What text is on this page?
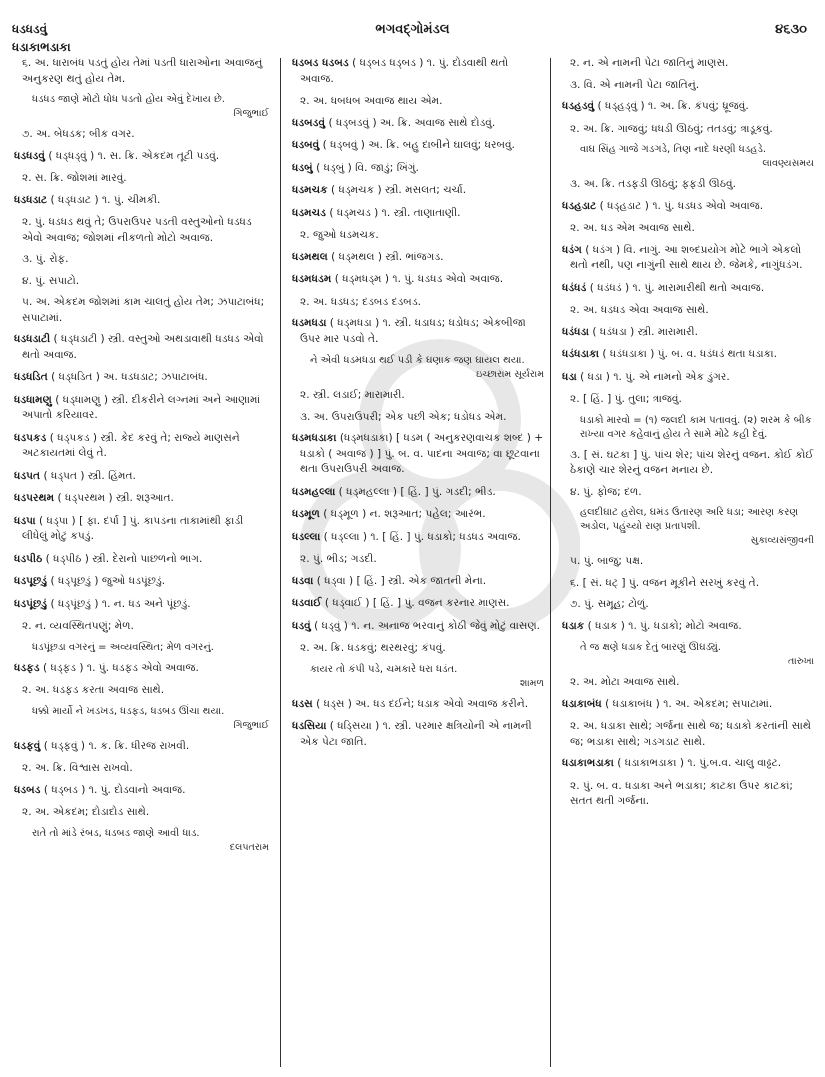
ધડધડવું
ધડાકાભડાકા
ભગવદ્ગોમંડલ	૪૬૩૦
૬. અ. ધારાબંધ પડતું હોય તેમાં પડતી ધારાઓના અવાજનું અનુકરણ થતું હોય તેમ.
ધડધડ જાણે મોટો ધોધ પડતો હોય એવું દેખાય છે.
ગિજુભાઈ
૭. અ. બેધડક; બીક વગર.
ધડધડવું ( ધડ્ધડ્વું ) ૧. સ. ક્રિ. એકદમ તૂટી પડવું.
૨. સ. ક્રિ. જોશમાં મારવું.
ધડધડાટ ( ધડ્ધડાટ ) ૧. પું. ચીમકી.
૨. પું. ધડધડ થવું તે; ઉપરાઉપર પડતી વસ્તુઓનો ધડધડ એવો અવાજ; જોશમાં નીકળતો મોટો અવાજ.
૩. પું. રોફ.
૪. પું. સપાટો.
૫. અ. એકદમ જોશમાં કામ ચાલતું હોય તેમ; ઝપાટાબંધ; સપાટામાં.
ધડધડાટી ( ધડ્ધડાટી ) સ્ત્રી. વસ્તુઓ અથડાવાથી ધડધડ એવો થતો અવાજ.
ધડધડિત ( ધડ્ધડિત ) અ. ધડધડાટ; ઝપાટાબંધ.
ધડધામણુ ( ધડ્ધામણુ ) સ્ત્રી. દીકરીને લગ્નમાં અને આણામાં અપાતો કરિયાવર.
ધડપકડ ( ધડ્પકડ ) સ્ત્રી. કેદ કરવું તે; રાજ્યે માણસને અટકાયતમાં લેવું તે.
ધડપત ( ધડ્પત ) સ્ત્રી. હિંમત.
ધડપરથમ ( ધડ્પરથમ ) સ્ત્રી. શરૂઆત.
ધડપા ( ધડ્પા ) [ ફા. દર્પા ] પું. કાપડના તાકામાંથી ફાડી લીધેલું મોટું કપડું.
ધડપીઠ ( ધડ્પીઠ ) સ્ત્રી. દેરાનો પાછળનો ભાગ.
ધડપૂછડું ( ધડ્પૂછડું ) જુઓ ધડપૂંછડું.
ધડપૂંછડું ( ધડ્પૂંછડું ) ૧. ન. ધડ અને પૂંછડું.
૨. ન. વ્યવસ્થિતપણું; મેળ.
ધડપૂંછડા વગરનું = અવ્યવસ્થિત; મેળ વગરનું.
ધડફડ ( ધડ્ફડ ) ૧. પું. ધડફડ એવો અવાજ.
૨. અ. ધડફડ કરતા અવાજ સાથે.
ધક્કો માર્યો ને ખડખડ, ધડફડ, ધડબડ ઊંચા થયા.
ગિજુભાઈ
ધડફવું ( ધડ્ફવું ) ૧. ક. ક્રિ. ધીરજ રાખવી.
૨. અ. ક્રિ. વિશ્વાસ રાખવો.
ધડબડ ( ધડ્બડ ) ૧. પું. દોડવાનો અવાજ.
૨. અ. એકદમ; દોડાદોડ સાથે.
રાતે તો માંડે રંબડ, ધડબડ જાણે આવી ધાડ.
દલપતરામ
ધડબડ ધડબડ ( ધડ્બડ ધડ્બડ ) ૧. પું. દોડવાથી થતો અવાજ.
૨. અ. ધબધબ અવાજ થાય એમ.
ધડબડવું ( ધડ્બડવું ) અ. ક્રિ. અવાજ સાથે દોડવું.
ધડબવું ( ધડ્બવું ) અ. ક્રિ. બહુ દાબીને ઘાલવું; ધરબવું.
ધડબું ( ધડ્બું ) વિ. જાડું; ખિંગું.
ધડમચક ( ધડ્મચક ) સ્ત્રી. મસલત; ચર્ચા.
ધડમચડ ( ધડ્મચડ ) ૧. સ્ત્રી. તાણાતાણી.
૨. જુઓ ધડમચક.
ધડમથલ ( ધડ્મથલ ) સ્ત્રી. ભાંજગડ.
ધડમધડમ ( ધડ્મધડ્મ ) ૧. પું. ધડધડ એવો અવાજ.
૨. અ. ધડધડ; દડબડ દડબડ.
ધડમધડા ( ધડ્મધડા ) ૧. સ્ત્રી. ધડાધડ; ધડોધડ; એકબીજા ઉપર માર પડવો તે.
ને એવી ધડમધડા થઈ પડી કે ઘણાક જણ ઘાયલ થયા.
ઇચ્છારામ સૂર્યરામ
૨. સ્ત્રી. લડાઈ; મારામારી.
૩. અ. ઉપરાઉપરી; એક પછી એક; ધડોધડ એમ.
ધડમધડાકા (ધડ્મધડાકા) [ ધડમ ( અનુકરણવાચક શબ્દ ) + ધડાકો ( અવાજ ) ] પું. બ. વ. પાદના અવાજ; વા છૂટવાના થતા ઉપરાઉપરી અવાજ.
ધડમહલ્લા ( ધડ્મહલ્લા ) [ હિં. ] પું. ગડદી; ભીડ.
ધડમૂળ ( ધડ્મૂળ ) ન. શરૂઆત; પહેલ; આરંભ.
ધડલ્લા ( ધડ્લ્લા ) ૧. [ હિં. ] પું. ધડાકો; ધડધડ અવાજ.
૨. પું. ભીડ; ગડદી.
ધડવા ( ધડ્વા ) [ હિં. ] સ્ત્રી. એક જાતની મેના.
ધડવાઈ ( ધડ્વાઈ ) [ હિં. ] પું. વજન કરનાર માણસ.
ધડવું ( ધડ્વું ) ૧. ન. અનાજ ભરવાનું કોઠી જેવું મોટું વાસણ.
૨. અ. ક્રિ. ધડકવું; થરથરવું; કંપવું.
કાયર તો કંપી પડે, ચમકારે ધરા ધડંત.
શામળ
ધડસ ( ધડ્સ ) અ. ધડ દઈને; ધડાક એવો અવાજ કરીને.
ધડસિયા ( ધડ્સિયા ) ૧. સ્ત્રી. પરમાર ક્ષત્રિયોની એ નામની એક પેટા જાતિ.
૨. ન. એ નામની પેટા જાતિનું માણસ.
૩. વિ. એ નામની પેટા જાતિનું.
ધડહડવું ( ધડ્હડ્વું ) ૧. અ. ક્રિ. કંપવું; ધ્રૂજવું.
૨. અ. ક્રિ. ગાજવું; ધધડી ઊઠવું; તતડવું; ત્રાડૂકવું.
વાઘ સિંહ ગાજે ગડગડે, તિણ નાદે ધરણી ધડહડે.
લાવણ્યસમય
૩. અ. ક્રિ. તડફડી ઊઠવું; ફફડી ઊઠવું.
ધડહડાટ ( ધડ્હડાટ ) ૧. પું. ધડધડ એવો અવાજ.
૨. અ. ધડ એમ અવાજ સાથે.
ધડંગ ( ધડંગ ) વિ. નાગું. આ શબ્દપ્રયોગ મોટે ભાગે એકલો થતો નથી, પણ નાગુંની સાથે થાય છે. જેમકે, નાગુંધડંગ.
ધડંધડં ( ધડંધડં ) ૧. પું. મારામારીથી થતો અવાજ.
૨. અ. ધડધડ એવા અવાજ સાથે.
ધડંધડા ( ધડંધડા ) સ્ત્રી. મારામારી.
ધડંધડાકા ( ધડંધડાકા ) પું. બ. વ. ધડંધડં થતા ધડાકા.
ધડા ( ધડા ) ૧. પું. એ નામનો એક ડુંગર.
૨. [ હિં. ] પું. તુલા; ત્રાજવું.
ધડાકો મારવો = (૧) જલદી કામ પતાવવું. (૨) શરમ કે બીક રાખ્યા વગર કહેવાનું હોય તે સામે મોઢે કહી દેવું.
૩. [ સં. ઘટકા ] પું. પાંચ શેર; પાંચ શેરનું વજન. કોઈ કોઈ ઠેકાણે ચાર શેરનું વજન મનાય છે.
૪. પું. ફોજ; દળ.
હલદીઘાટ હરોલ, ઘમંડ ઉતારણ અરિ ધડા; આરણ કરણ અડોલ, પહુંચ્યો રાણ પ્રતાપશી.
સુકાવ્યસંજીવની
૫. પું. બાજુ; પક્ષ.
૬. [ સં. ધટ્ ] પું. વજન મૂકીને સરખું કરવું તે.
૭. પું. સમૂહ; ટોળું.
ધડાક ( ધડાક ) ૧. પું. ધડાકો; મોટો અવાજ.
તે જ ક્ષણે ધડાક દેતું બારણું ઊઘડ્યું.
તારુખા
૨. અ. મોટા અવાજ સાથે.
ધડાકાબંધ ( ધડાકાબંધ ) ૧. અ. એકદમ; સપાટામાં.
૨. અ. ધડાકા સાથે; ગર્જના સાથે જ; ધડાકો કરતાંની સાથે જ; ભડાકા સાથે; ગડગડાટ સાથે.
ધડાકાભડાકા ( ધડાકાભડાકા ) ૧. પું.બ.વ. ચાલુ વાઢ્ઢટ.
૨. પું. બ. વ. ધડાકા અને ભડાકા; કાટકા ઉપર કાટકાં; સતત થતી ગર્જના.
